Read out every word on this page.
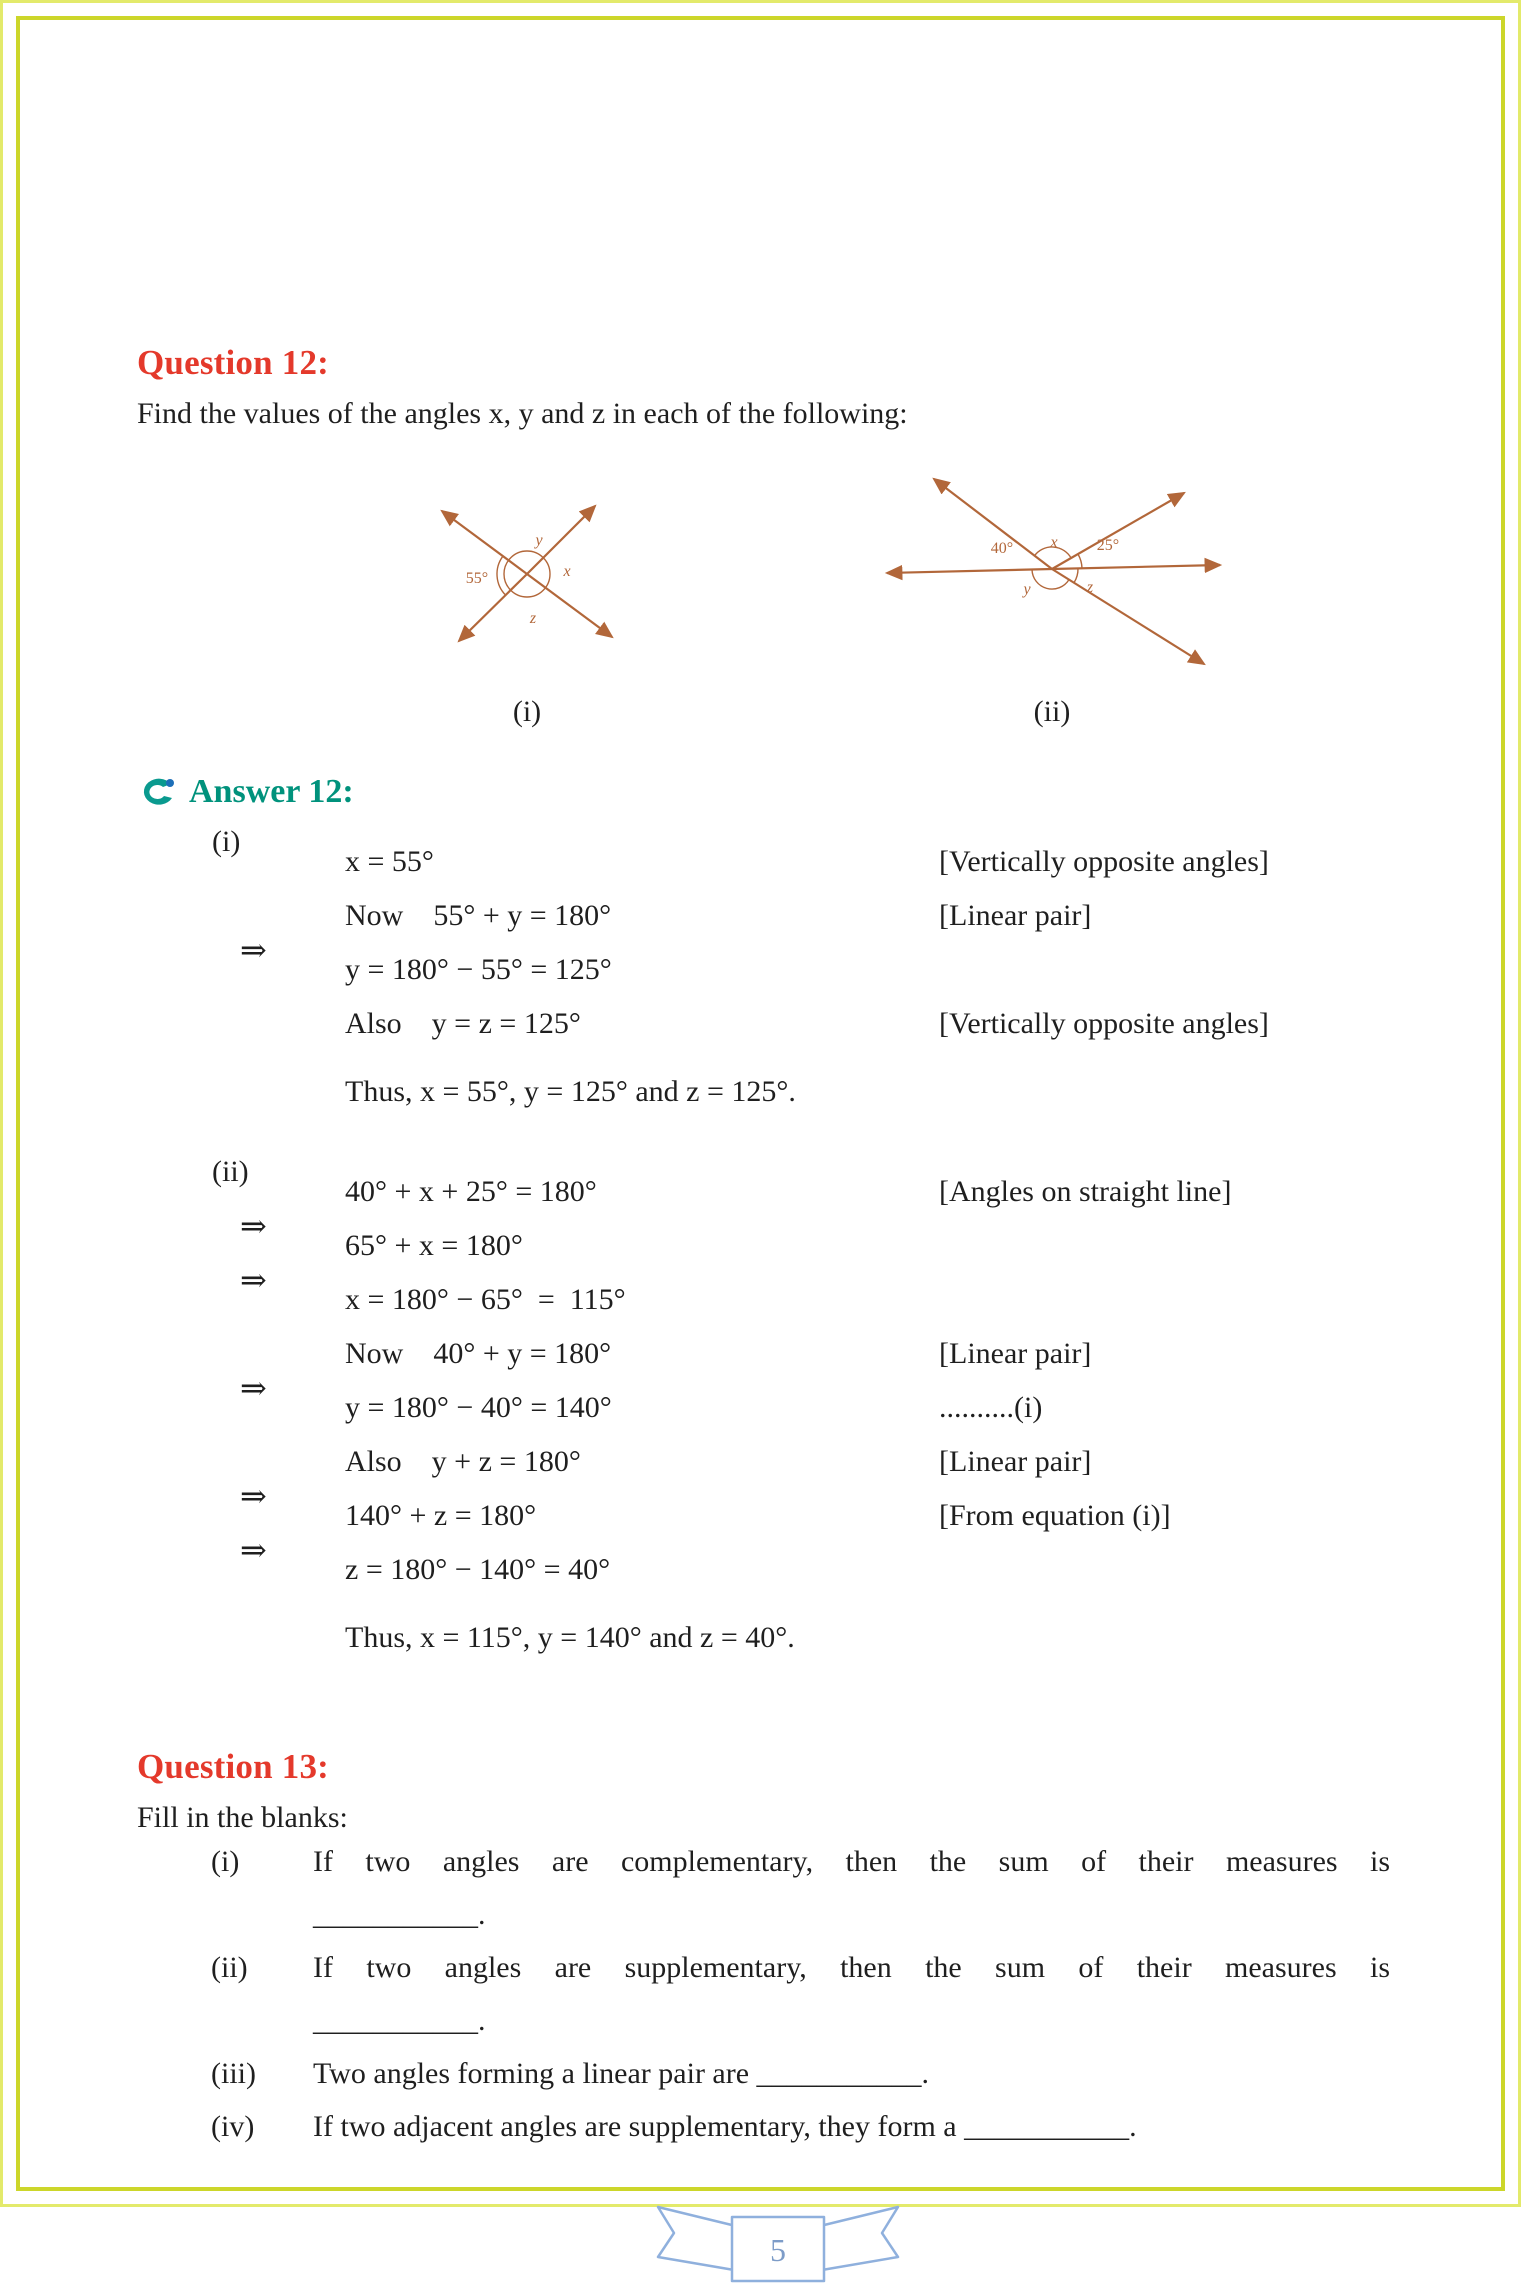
Question 12:
Find the values of the angles x, y and z in each of the following:
y
55°	x
z
(i)
40° x 25°
y	z
(ii)
Answer 12:
(i)
x = 55°	[Vertically opposite angles]
Now    55° + y = 180°	[Linear pair]
⇒
y = 180° − 55° = 125°
Also    y = z = 125°	[Vertically opposite angles]
Thus, x = 55°, y = 125° and z = 125°.
(ii)
40° + x + 25° = 180°	[Angles on straight line]
⇒
65° + x = 180°
⇒
x = 180° − 65°  =  115°
Now    40° + y = 180°	[Linear pair]
⇒
y = 180° − 40° = 140°	..........(i)
Also    y + z = 180°	[Linear pair]
⇒
140° + z = 180°	[From equation (i)]
⇒
z = 180° − 140° = 40°
Thus, x = 115°, y = 140° and z = 40°.
Question 13:
Fill in the blanks:
(i)	If two angles are complementary, then the sum of their measures is
___________.
(ii)	If two angles are supplementary, then the sum of their measures is
___________.
(iii)	Two angles forming a linear pair are ___________.
(iv)	If two adjacent angles are supplementary, they form a ___________.
5
